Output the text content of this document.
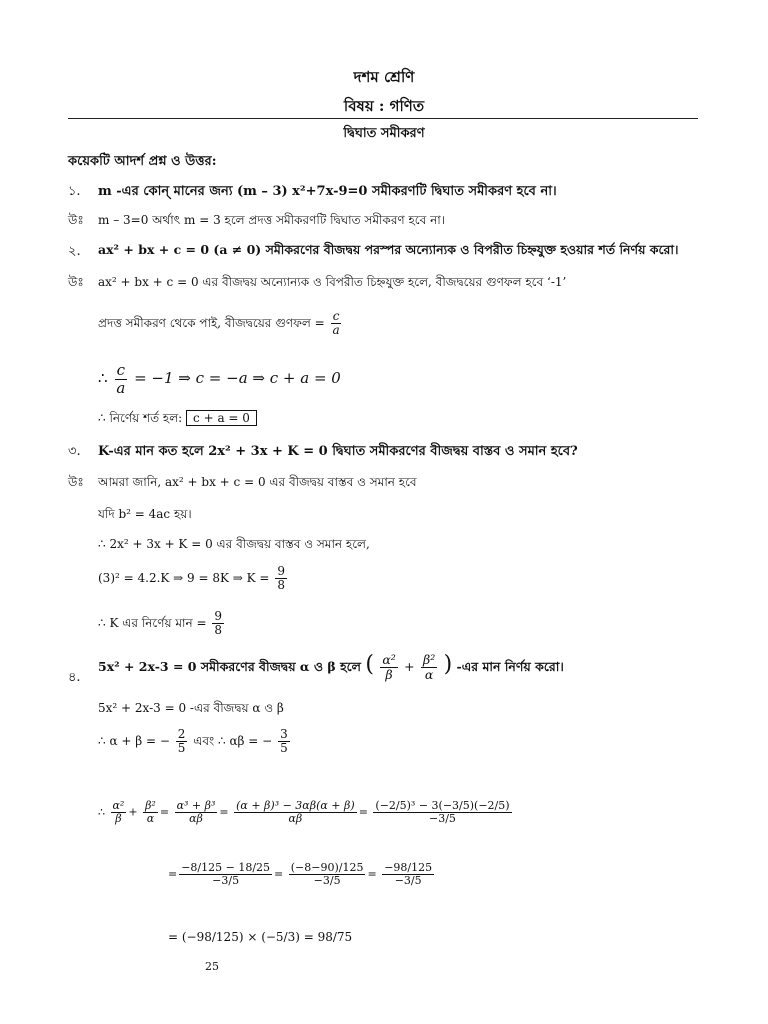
দশম শ্রেণি
বিষয় : গণিত
দ্বিঘাত সমীকরণ
কয়েকটি আদর্শ প্রশ্ন ও উত্তর:
১. m -এর কোন্ মানের জন্য (m – 3) x²+7x-9=0 সমীকরণটি দ্বিঘাত সমীকরণ হবে না।
উঃ m – 3=0 অর্থাৎ m = 3 হলে প্রদত্ত সমীকরণটি দ্বিঘাত সমীকরণ হবে না।
২. ax² + bx + c = 0 (a ≠ 0) সমীকরণের বীজদ্বয় পরস্পর অন্যোন্যক ও বিপরীত চিহ্নযুক্ত হওয়ার শর্ত নির্ণয় করো।
উঃ ax² + bx + c = 0 এর বীজদ্বয় অন্যোন্যক ও বিপরীত চিহ্নযুক্ত হলে, বীজদ্বয়ের গুণফল হবে ‘-1’
প্রদত্ত সমীকরণ থেকে পাই, বীজদ্বয়ের গুণফল = $\frac{c}{a}$
∴ $\frac{c}{a} = -1$ ⇒ c = −a ⇒ c + a = 0
∴ নির্ণেয় শর্ত হল: c + a = 0
৩. K-এর মান কত হলে 2x² + 3x + K = 0 দ্বিঘাত সমীকরণের বীজদ্বয় বাস্তব ও সমান হবে?
উঃ আমরা জানি, ax² + bx + c = 0 এর বীজদ্বয় বাস্তব ও সমান হবে
যদি b² = 4ac হয়।
∴ 2x² + 3x + K = 0 এর বীজদ্বয় বাস্তব ও সমান হলে,
(3)² = 4.2.K ⇒ 9 = 8K ⇒ $K = \frac{9}{8}$
∴ K এর নির্ণেয় মান = $\frac{9}{8}$
৪.
5x² + 2x-3 = 0 সমীকরণের বীজদ্বয় α ও β হলে ( $\frac{\text{α²}}{\beta} + \frac{\text{β²}}{\alpha}$ ) -এর মান নির্ণয় করো।
5x² + 2x-3 = 0 -এর বীজদ্বয় α ও β
∴ α + β = − $\frac{2}{5}$ এবং ∴ αβ = − $\frac{3}{5}$
∴ $\frac{\text{α²}}{\beta} + \frac{\text{β²}}{\alpha} = \frac{\text{α³ + β³}}{\alpha\beta} = \frac{\text{(α + β)³ − 3αβ(α + β)}}{\alpha\beta} = \frac{\text{(−2/5)³ − 3(−3/5)(−2/5)}}{-3/5}$
= $\frac{-8/125 - 18/25}{-3/5} = \frac{(-8-90)/125}{-3/5} = \frac{-98/125}{-3/5}$
= (−98/125) × (−5/3) = 98/75
25
